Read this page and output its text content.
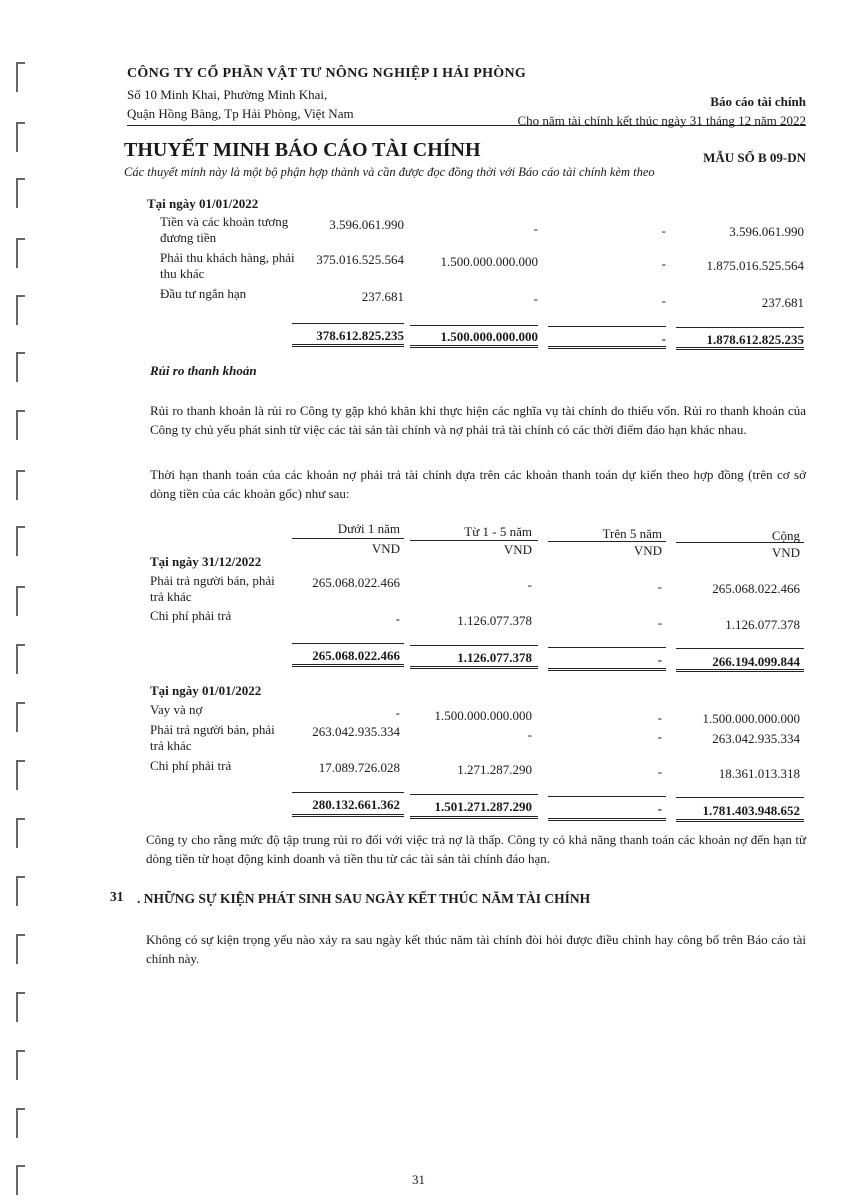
CÔNG TY CỔ PHẦN VẬT TƯ NÔNG NGHIỆP I HẢI PHÒNG
Số 10 Minh Khai, Phường Minh Khai,
Quận Hồng Bàng, Tp Hải Phòng, Việt Nam
Báo cáo tài chính
Cho năm tài chính kết thúc ngày 31 tháng 12 năm 2022
THUYẾT MINH BÁO CÁO TÀI CHÍNH	MẪU SỐ B 09-DN
Các thuyết minh này là một bộ phận hợp thành và cần được đọc đồng thời với Báo cáo tài chính kèm theo
Tại ngày 01/01/2022
Tiền và các khoản tương đương tiền
3.596.061.990	-	-	3.596.061.990
Phải thu khách hàng, phải thu khác
375.016.525.564	1.500.000.000.000	-	1.875.016.525.564
Đầu tư ngắn hạn	237.681	-	-	237.681
378.612.825.235	1.500.000.000.000	-	1.878.612.825.235
Rủi ro thanh khoản
Rủi ro thanh khoản là rủi ro Công ty gặp khó khăn khi thực hiện các nghĩa vụ tài chính do thiếu vốn. Rủi ro thanh khoản của Công ty chủ yếu phát sinh từ việc các tài sản tài chính và nợ phải trả tài chính có các thời điểm đáo hạn khác nhau.
Thời hạn thanh toán của các khoản nợ phải trả tài chính dựa trên các khoản thanh toán dự kiến theo hợp đồng (trên cơ sở dòng tiền của các khoản gốc) như sau:
Dưới 1 năm	Từ 1 - 5 năm	Trên 5 năm	Cộng
VND	VND	VND	VND
Tại ngày 31/12/2022
Phải trả người bán, phải trả khác
265.068.022.466	-	-	265.068.022.466
Chi phí phải trả	-	1.126.077.378	-	1.126.077.378
265.068.022.466	1.126.077.378	-	266.194.099.844
Tại ngày 01/01/2022
Vay và nợ	-	1.500.000.000.000	-	1.500.000.000.000
Phải trả người bán, phải trả khác
263.042.935.334	-	-	263.042.935.334
Chi phí phải trả	17.089.726.028	1.271.287.290	-	18.361.013.318
280.132.661.362	1.501.271.287.290	-	1.781.403.948.652
Công ty cho rằng mức độ tập trung rủi ro đối với việc trả nợ là thấp. Công ty có khả năng thanh toán các khoản nợ đến hạn từ dòng tiền từ hoạt động kinh doanh và tiền thu từ các tài sản tài chính đáo hạn.
31 . NHỮNG SỰ KIỆN PHÁT SINH SAU NGÀY KẾT THÚC NĂM TÀI CHÍNH
Không có sự kiện trọng yếu nào xảy ra sau ngày kết thúc năm tài chính đòi hỏi được điều chỉnh hay công bố trên Báo cáo tài chính này.
31
